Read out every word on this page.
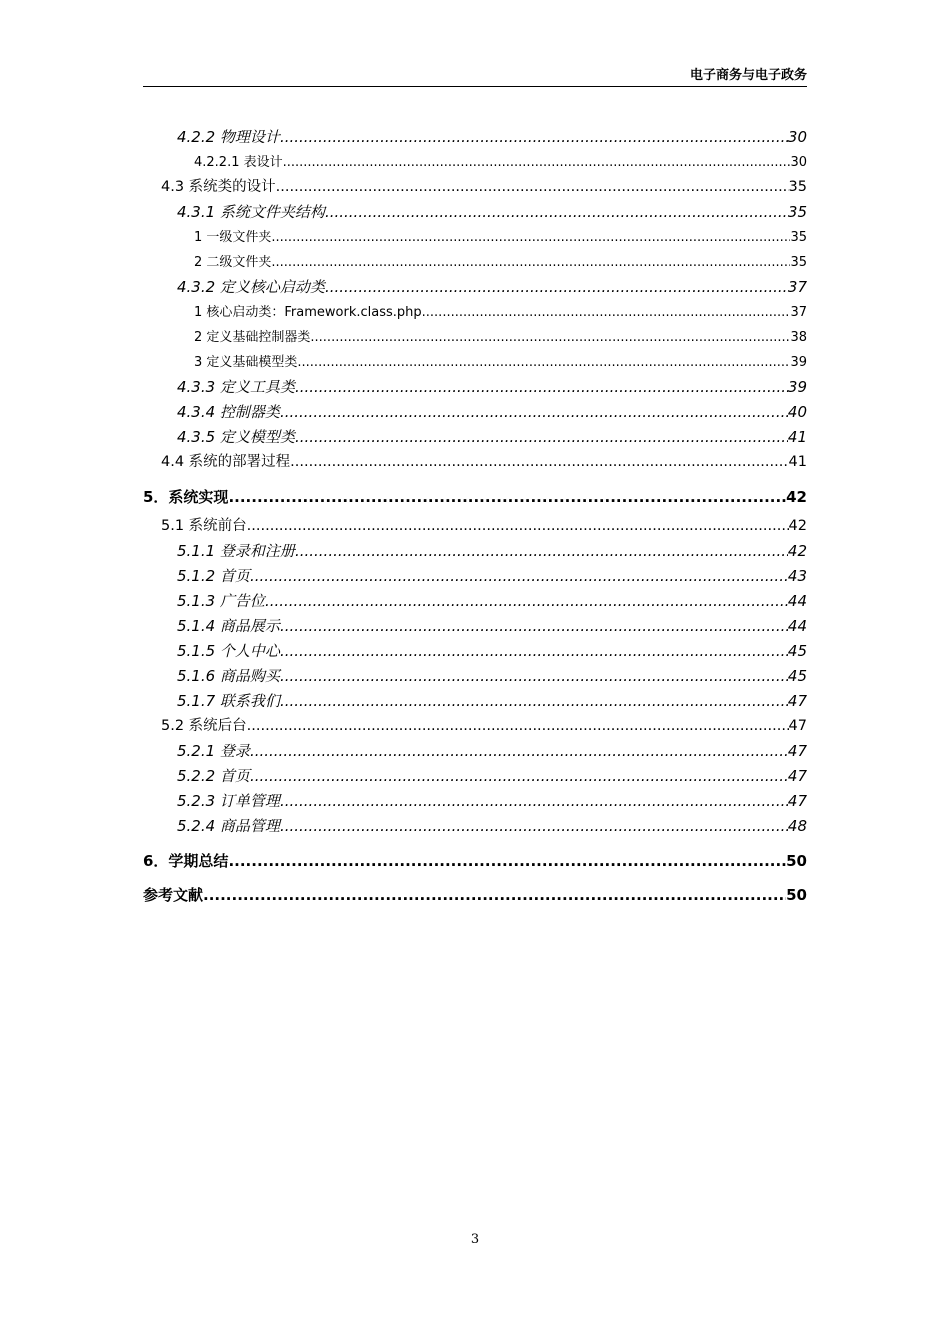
电子商务与电子政务
4.2.2 物理设计 .....	30
4.2.2.1 表设计 .....	30
4.3 系统类的设计 .....	35
4.3.1 系统文件夹结构 .....	35
1 一级文件夹 .....	35
2 二级文件夹 .....	35
4.3.2 定义核心启动类 .....	37
1 核心启动类：Framework.class.php .....	37
2 定义基础控制器类 .....	38
3 定义基础模型类 .....	39
4.3.3 定义工具类 .....	39
4.3.4 控制器类 .....	40
4.3.5 定义模型类 .....	41
4.4 系统的部署过程 .....	41
5．系统实现 .....	42
5.1 系统前台 .....	42
5.1.1 登录和注册 .....	42
5.1.2 首页 .....	43
5.1.3 广告位 .....	44
5.1.4 商品展示 .....	44
5.1.5 个人中心 .....	45
5.1.6 商品购买 .....	45
5.1.7 联系我们 .....	47
5.2 系统后台 .....	47
5.2.1 登录 .....	47
5.2.2 首页 .....	47
5.2.3 订单管理 .....	47
5.2.4 商品管理 .....	48
6．学期总结 .....	50
参考文献 .....	50
3
